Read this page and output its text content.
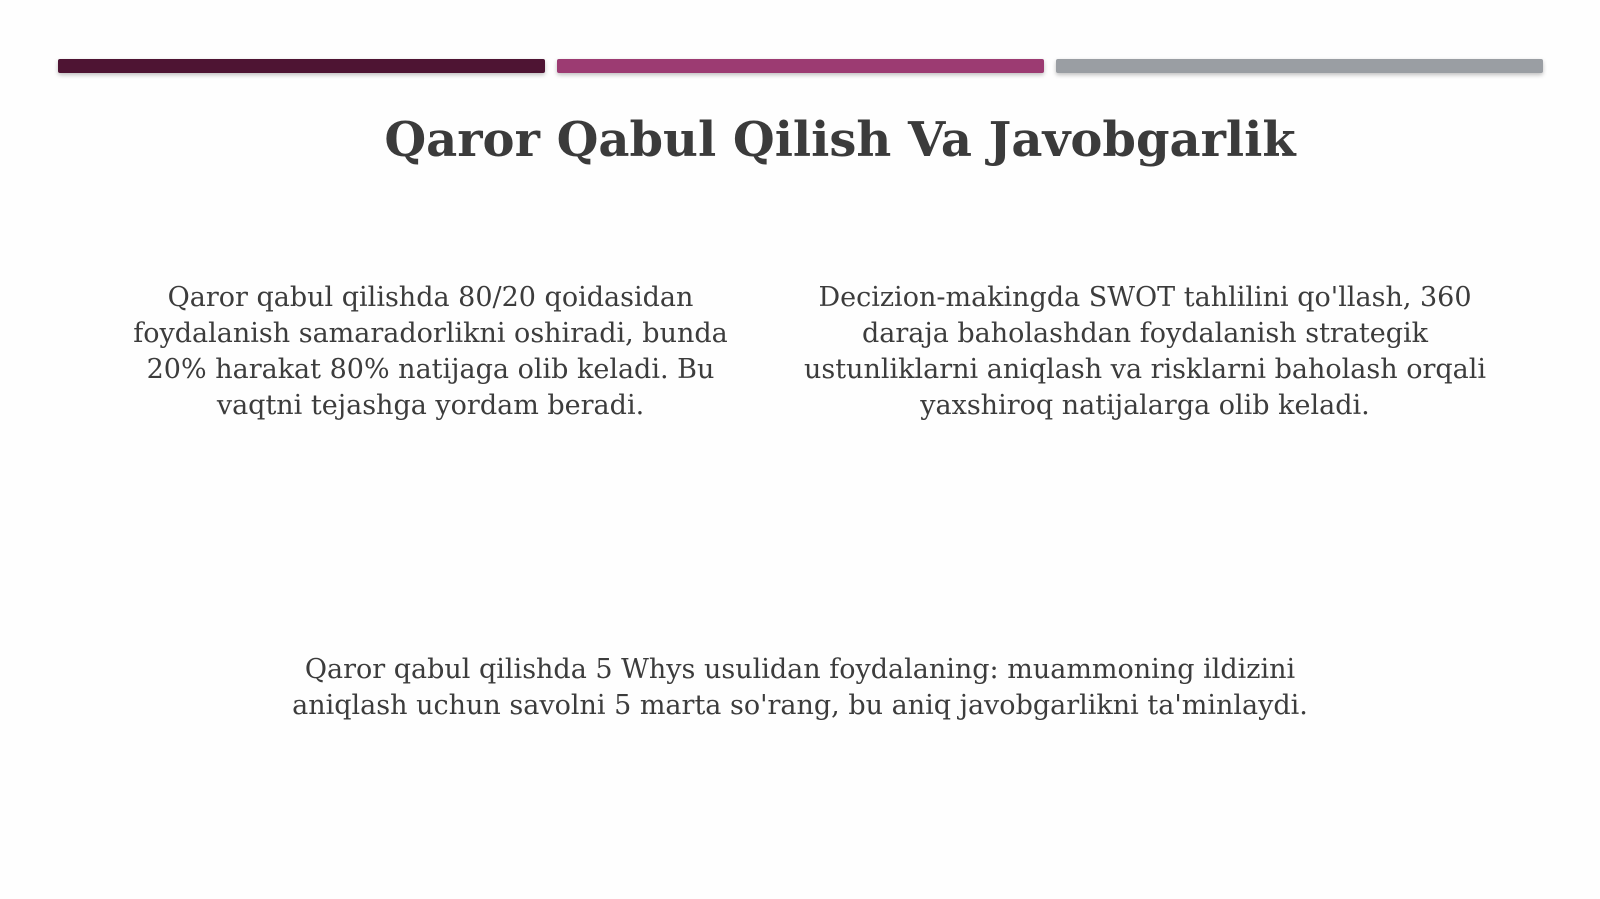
Qaror Qabul Qilish Va Javobgarlik

Qaror qabul qilishda 80/20 qoidasidan foydalanish samaradorlikni oshiradi, bunda 20% harakat 80% natijaga olib keladi. Bu vaqtni tejashga yordam beradi.

Decizion-makingda SWOT tahlilini qo'llash, 360 daraja baholashdan foydalanish strategik ustunliklarni aniqlash va risklarni baholash orqali yaxshiroq natijalarga olib keladi.

Qaror qabul qilishda 5 Whys usulidan foydalaning: muammoning ildizini aniqlash uchun savolni 5 marta so'rang, bu aniq javobgarlikni ta'minlaydi.
